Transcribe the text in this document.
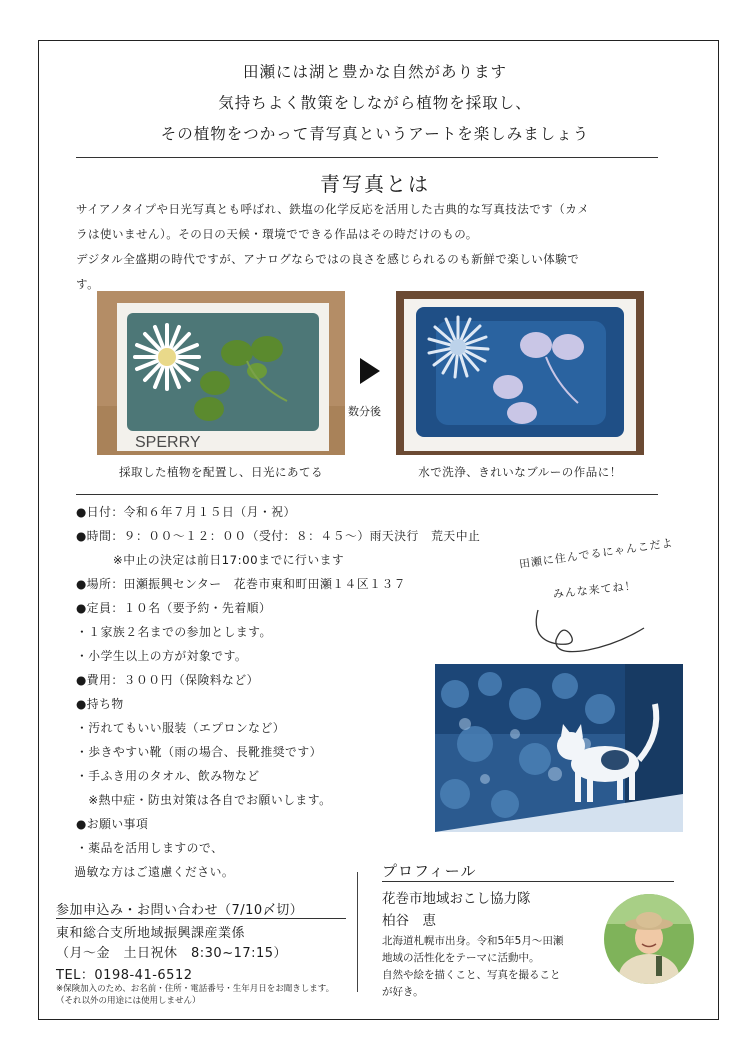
田瀬には湖と豊かな自然があります
気持ちよく散策をしながら植物を採取し、
その植物をつかって青写真というアートを楽しみましょう
青写真とは
サイアノタイプや日光写真とも呼ばれ、鉄塩の化学反応を活用した古典的な写真技法です（カメ
ラは使いません）。その日の天候・環境でできる作品はその時だけのもの。
デジタル全盛期の時代ですが、アナログならではの良さを感じられるのも新鮮で楽しい体験で
す。
SPERRY
数分後
採取した植物を配置し、日光にあてる	水で洗浄、きれいなブルーの作品に！
●日付：令和６年７月１５日（月・祝）
●時間：９：００〜１２：００（受付：８：４５〜）雨天決行　荒天中止
　　　※中止の決定は前日17:00までに行います
●場所：田瀬振興センター　花巻市東和町田瀬１４区１３７
●定員：１０名（要予約・先着順）
・１家族２名までの参加とします。
・小学生以上の方が対象です。
●費用：３００円（保険料など）
●持ち物
・汚れてもいい服装（エプロンなど）
・歩きやすい靴（雨の場合、長靴推奨です）
・手ふき用のタオル、飲み物など
　※熱中症・防虫対策は各自でお願いします。
●お願い事項
・薬品を活用しますので、
　過敏な方はご遠慮ください。
田瀬に住んでるにゃんこだよ
みんな来てね！
参加申込み・お問い合わせ（7/10〆切）
東和総合支所地域振興課産業係
（月〜金　土日祝休　8:30~17:15）
TEL：0198-41-6512
※保険加入のため、お名前・住所・電話番号・生年月日をお聞きします。
（それ以外の用途には使用しません）
プロフィール
花巻市地域おこし協力隊
柏谷　恵
北海道札幌市出身。令和5年5月〜田瀬
地域の活性化をテーマに活動中。
自然や絵を描くこと、写真を撮ること
が好き。
